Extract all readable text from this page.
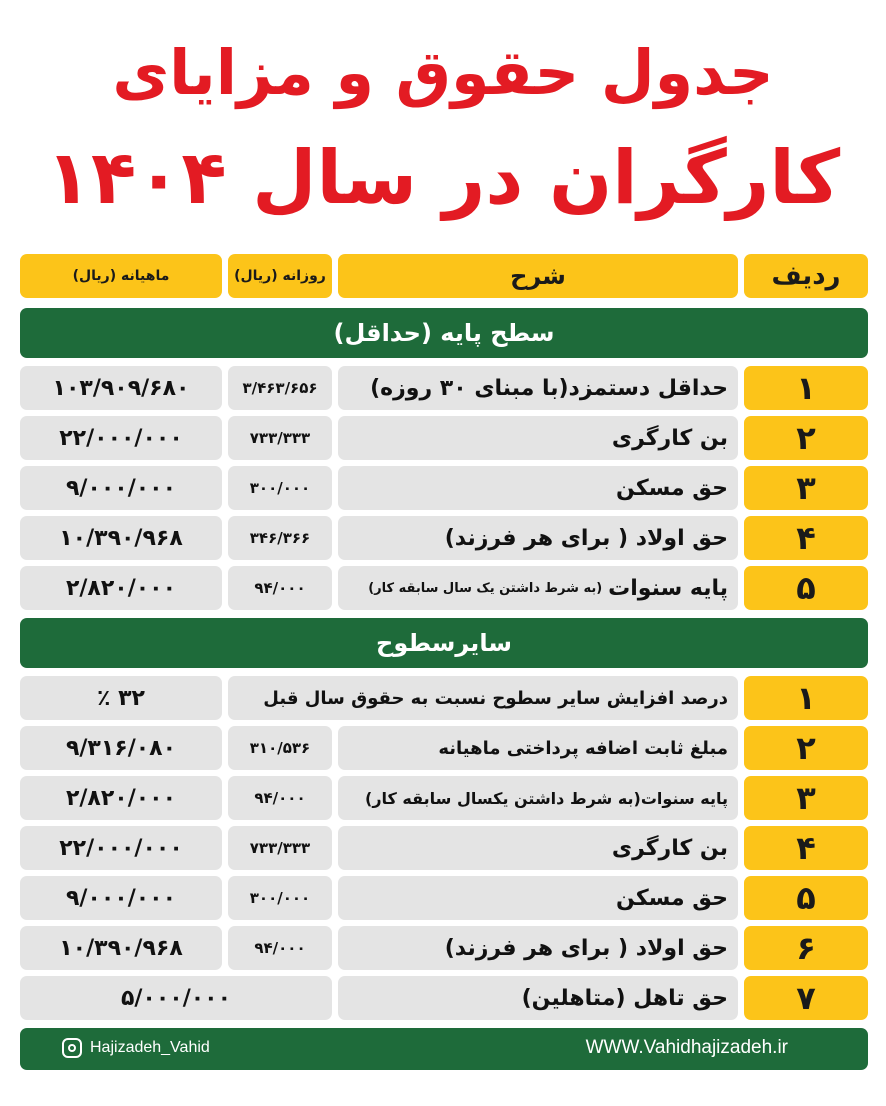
جدول حقوق و مزایای
کارگران در سال ۱۴۰۴
ردیف
شرح
روزانه (ریال)
ماهیانه (ریال)
سطح پایه (حداقل)
۱
حداقل دستمزد(با مبنای ۳۰ روزه)
۳/۴۶۳/۶۵۶
۱۰۳/۹۰۹/۶۸۰
۲
بن کارگری
۷۳۳/۳۳۳
۲۲/۰۰۰/۰۰۰
۳
حق مسکن
۳۰۰/۰۰۰
۹/۰۰۰/۰۰۰
۴
حق اولاد ( برای هر فرزند)
۳۴۶/۳۶۶
۱۰/۳۹۰/۹۶۸
۵
پایه سنوات
(به شرط داشتن یک سال سابقه کار)
۹۴/۰۰۰
۲/۸۲۰/۰۰۰
سایرسطوح
۱
درصد افزایش سایر سطوح نسبت به حقوق سال قبل
٪ ۳۲
۲
مبلغ ثابت اضافه پرداختی ماهیانه
۳۱۰/۵۳۶
۹/۳۱۶/۰۸۰
۳
پایه سنوات(به شرط داشتن یکسال سابقه کار)
۹۴/۰۰۰
۲/۸۲۰/۰۰۰
۴
بن کارگری
۷۳۳/۳۳۳
۲۲/۰۰۰/۰۰۰
۵
حق مسکن
۳۰۰/۰۰۰
۹/۰۰۰/۰۰۰
۶
حق اولاد ( برای هر فرزند)
۹۴/۰۰۰
۱۰/۳۹۰/۹۶۸
۷
حق تاهل (متاهلین)
۵/۰۰۰/۰۰۰
Hajizadeh_Vahid	WWW.Vahidhajizadeh.ir
